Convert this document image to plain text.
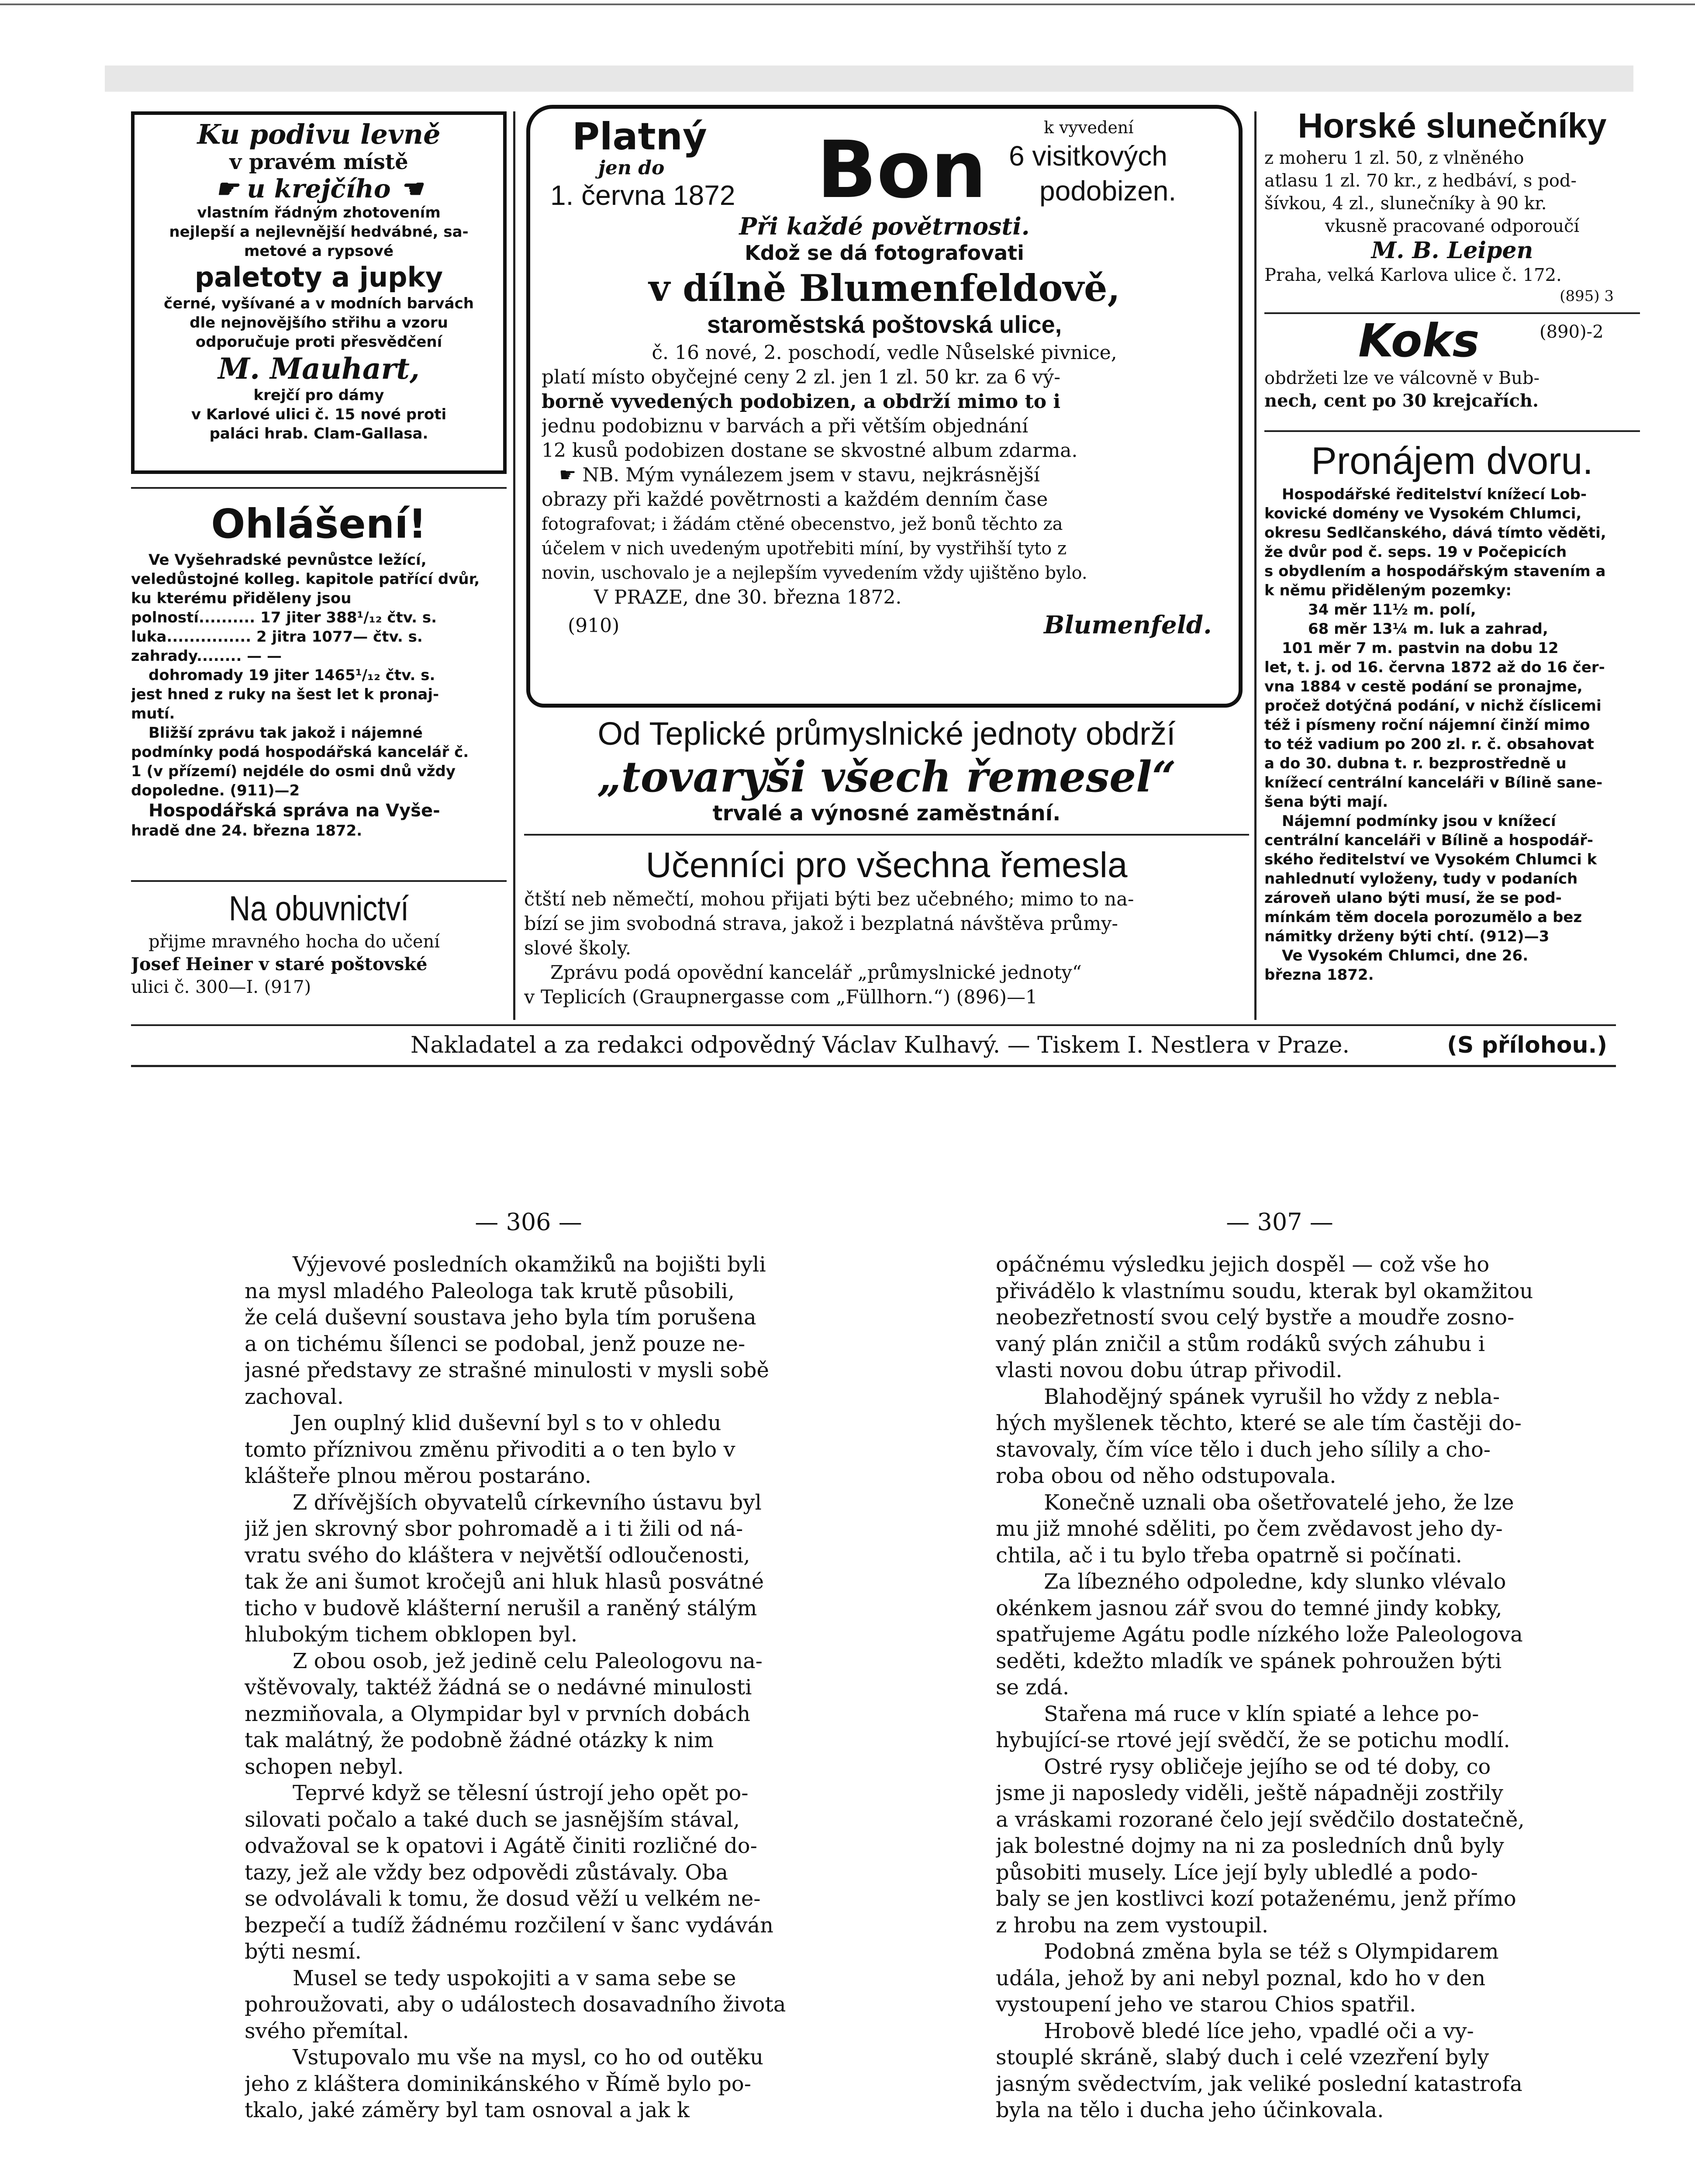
Ku podivu levně
v pravém místě
☛ u krejčího ☚
vlastním řádným zhotovením
nejlepší a nejlevnější hedvábné, sa-
metové a rypsové
paletoty a jupky
černé, vyšívané a v modních barvách
dle nejnovějšího střihu a vzoru
odporučuje proti přesvědčení
M. Mauhart,
krejčí pro dámy
v Karlové ulici č. 15 nové proti
paláci hrab. Clam-Gallasa.
Ohlášení!
Ve Vyšehradské pevnůstce ležící,
veledůstojné kolleg. kapitole patřící dvůr,
ku kterému přiděleny jsou
polností.......... 17 jiter 388¹/₁₂ čtv. s.
luka............... 2 jitra 1077— čtv. s.
zahrady........ — —
dohromady 19 jiter 1465¹/₁₂ čtv. s.
jest hned z ruky na šest let k pronaj-
mutí.
Bližší zprávu tak jakož i nájemné
podmínky podá hospodářská kancelář č.
1 (v přízemí) nejdéle do osmi dnů vždy
dopoledne. (911)—2
Hospodářská správa na Vyše-
hradě dne 24. března 1872.
Na obuvnictví
přijme mravného hocha do učení
Josef Heiner v staré poštovské
ulici č. 300—I. (917)
Platný
jen do
1. června 1872 Bon	k vyvedení
6 visitkových
podobizen.
Při každé povětrnosti.
Kdož se dá fotografovati
v dílně Blumenfeldově,
staroměstská poštovská ulice,
č. 16 nové, 2. poschodí, vedle Nůselské pivnice,
platí místo obyčejné ceny 2 zl. jen 1 zl. 50 kr. za 6 vý-
borně vyvedených podobizen, a obdrží mimo to i
jednu podobiznu v barvách a při větším objednání
12 kusů podobizen dostane se skvostné album zdarma.
☛ NB. Mým vynálezem jsem v stavu, nejkrásnější
obrazy při každé povětrnosti a každém denním čase
fotografovat; i žádám ctěné obecenstvo, jež bonů těchto za
účelem v nich uvedeným upotřebiti míní, by vystřihší tyto z
novin, uschovalo je a nejlepším vyvedením vždy ujištěno bylo.
V PRAZE, dne 30. března 1872.
(910)	Blumenfeld.
Od Teplické průmyslnické jednoty obdrží
„tovaryši všech řemesel“
trvalé a výnosné zaměstnání.
Učenníci pro všechna řemesla
čtští neb němečtí, mohou přijati býti bez učebného; mimo to na-
bízí se jim svobodná strava, jakož i bezplatná návštěva průmy-
slové školy.
Zprávu podá opovědní kancelář „průmyslnické jednoty“
v Teplicích (Graupnergasse com „Füllhorn.“) (896)—1
Horské slunečníky
z moheru 1 zl. 50, z vlněného
atlasu 1 zl. 70 kr., z hedbáví, s pod-
šívkou, 4 zl., slunečníky à 90 kr.
vkusně pracované odporoučí
M. B. Leipen
Praha, velká Karlova ulice č. 172.
(895) 3
Koks	(890)-2
obdržeti lze ve válcovně v Bub-
nech, cent po 30 krejcařích.
Pronájem dvoru.
Hospodářské ředitelství knížecí Lob-
kovické domény ve Vysokém Chlumci,
okresu Sedlčanského, dává tímto věděti,
že dvůr pod č. seps. 19 v Počepicích
s obydlením a hospodářským stavením a
k němu přiděleným pozemky:
34 měr 11½ m. polí,
68 měr 13¼ m. luk a zahrad,
101 měr 7 m. pastvin na dobu 12
let, t. j. od 16. června 1872 až do 16 čer-
vna 1884 v cestě podání se pronajme,
pročež dotýčná podání, v nichž číslicemi
též i písmeny roční nájemní činží mimo
to též vadium po 200 zl. r. č. obsahovat
a do 30. dubna t. r. bezprostředně u
knížecí centrální kanceláři v Bílině sane-
šena býti mají.
Nájemní podmínky jsou v knížecí
centrální kanceláři v Bílině a hospodář-
ského ředitelství ve Vysokém Chlumci k
nahlednutí vyloženy, tudy v podaních
zároveň ulano býti musí, že se pod-
mínkám těm docela porozumělo a bez
námitky drženy býti chtí. (912)—3
Ve Vysokém Chlumci, dne 26.
března 1872.
Nakladatel a za redakci odpovědný Václav Kulhavý. — Tiskem I. Nestlera v Praze.	(S přílohou.)
— 306 —	— 307 —
Výjevové posledních okamžiků na bojišti byli
na mysl mladého Paleologa tak krutě působili,
že celá duševní soustava jeho byla tím porušena
a on tichému šílenci se podobal, jenž pouze ne-
jasné představy ze strašné minulosti v mysli sobě
zachoval.
Jen ouplný klid duševní byl s to v ohledu
tomto příznivou změnu přivoditi a o ten bylo v
klášteře plnou měrou postaráno.
Z dřívějších obyvatelů církevního ústavu byl
již jen skrovný sbor pohromadě a i ti žili od ná-
vratu svého do kláštera v největší odloučenosti,
tak že ani šumot kročejů ani hluk hlasů posvátné
ticho v budově klášterní nerušil a raněný stálým
hlubokým tichem obklopen byl.
Z obou osob, jež jedině celu Paleologovu na-
vštěvovaly, taktéž žádná se o nedávné minulosti
nezmiňovala, a Olympidar byl v prvních dobách
tak malátný, že podobně žádné otázky k nim
schopen nebyl.
Teprvé když se tělesní ústrojí jeho opět po-
silovati počalo a také duch se jasnějším stával,
odvažoval se k opatovi i Agátě činiti rozličné do-
tazy, jež ale vždy bez odpovědi zůstávaly. Oba
se odvolávali k tomu, že dosud věží u velkém ne-
bezpečí a tudíž žádnému rozčilení v šanc vydáván
býti nesmí.
Musel se tedy uspokojiti a v sama sebe se
pohroužovati, aby o událostech dosavadního života
svého přemítal.
Vstupovalo mu vše na mysl, co ho od outěku
jeho z kláštera dominikánského v Římě bylo po-
tkalo, jaké záměry byl tam osnoval a jak k
opáčnému výsledku jejich dospěl — což vše ho
přivádělo k vlastnímu soudu, kterak byl okamžitou
neobezřetností svou celý bystře a moudře zosno-
vaný plán zničil a stům rodáků svých záhubu i
vlasti novou dobu útrap přivodil.
Blahodějný spánek vyrušil ho vždy z nebla-
hých myšlenek těchto, které se ale tím častěji do-
stavovaly, čím více tělo i duch jeho sílily a cho-
roba obou od něho odstupovala.
Konečně uznali oba ošetřovatelé jeho, že lze
mu již mnohé sděliti, po čem zvědavost jeho dy-
chtila, ač i tu bylo třeba opatrně si počínati.
Za líbezného odpoledne, kdy slunko vlévalo
okénkem jasnou zář svou do temné jindy kobky,
spatřujeme Agátu podle nízkého lože Paleologova
seděti, kdežto mladík ve spánek pohroužen býti
se zdá.
Stařena má ruce v klín spiaté a lehce po-
hybující-se rtové její svědčí, že se potichu modlí.
Ostré rysy obličeje jejího se od té doby, co
jsme ji naposledy viděli, ještě nápadněji zostřily
a vráskami rozorané čelo její svědčilo dostatečně,
jak bolestné dojmy na ni za posledních dnů byly
působiti musely. Líce její byly ubledlé a podo-
baly se jen kostlivci kozí potaženému, jenž přímo
z hrobu na zem vystoupil.
Podobná změna byla se též s Olympidarem
udála, jehož by ani nebyl poznal, kdo ho v den
vystoupení jeho ve starou Chios spatřil.
Hrobově bledé líce jeho, vpadlé oči a vy-
stouplé skráně, slabý duch i celé vzezření byly
jasným svědectvím, jak veliké poslední katastrofa
byla na tělo i ducha jeho účinkovala.
